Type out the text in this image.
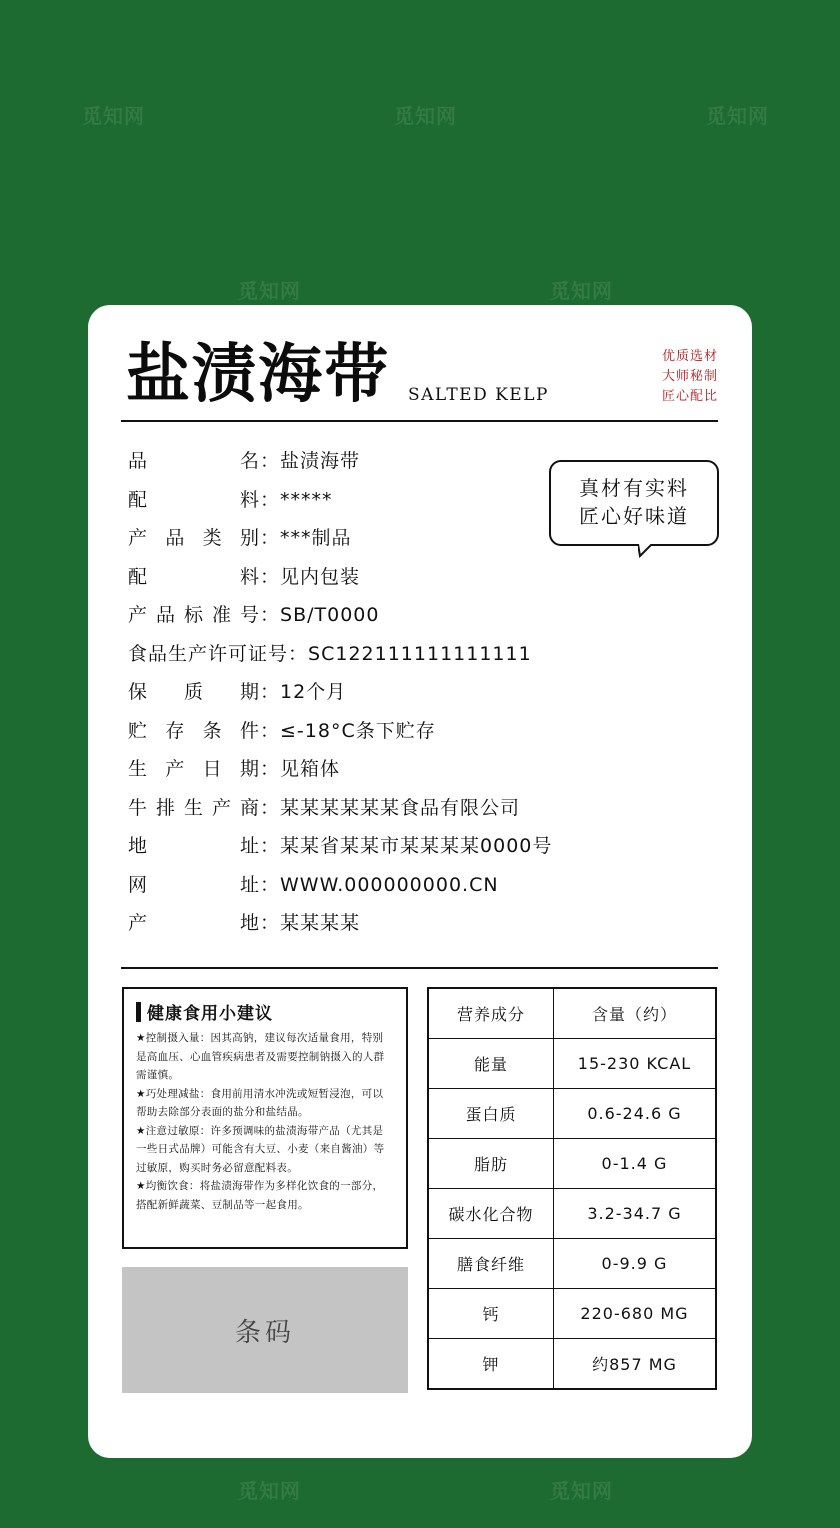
觅知网	觅知网	觅知网
觅知网	觅知网
觅知网	觅知网
盐渍海带 SALTED KELP
优质选材
大师秘制
匠心配比
品名：盐渍海带
配料：*****
产品类别：***制品
配料：见内包装
产品标准号：SB/T0000
食品生产许可证号：SC122111111111111
保质期：12个月
贮存条件：≤-18°C条下贮存
生产日期：见箱体
牛排生产商：某某某某某某食品有限公司
地址：某某省某某市某某某某0000号
网址：WWW.000000000.CN
产地：某某某某
真材有实料
匠心好味道
健康食用小建议
★控制摄入量：因其高钠，建议每次适量食用，特别是高血压、心血管疾病患者及需要控制钠摄入的人群需谨慎。
★巧处理减盐：食用前用清水冲洗或短暂浸泡，可以帮助去除部分表面的盐分和盐结晶。
★注意过敏原：许多预调味的盐渍海带产品（尤其是一些日式品牌）可能含有大豆、小麦（来自酱油）等过敏原，购买时务必留意配料表。
★均衡饮食：将盐渍海带作为多样化饮食的一部分，搭配新鲜蔬菜、豆制品等一起食用。
条码
营养成分	含量（约）
能量	15-230 KCAL
蛋白质	0.6-24.6 G
脂肪	0-1.4 G
碳水化合物	3.2-34.7 G
膳食纤维	0-9.9 G
钙	220-680 MG
钾	约857 MG
